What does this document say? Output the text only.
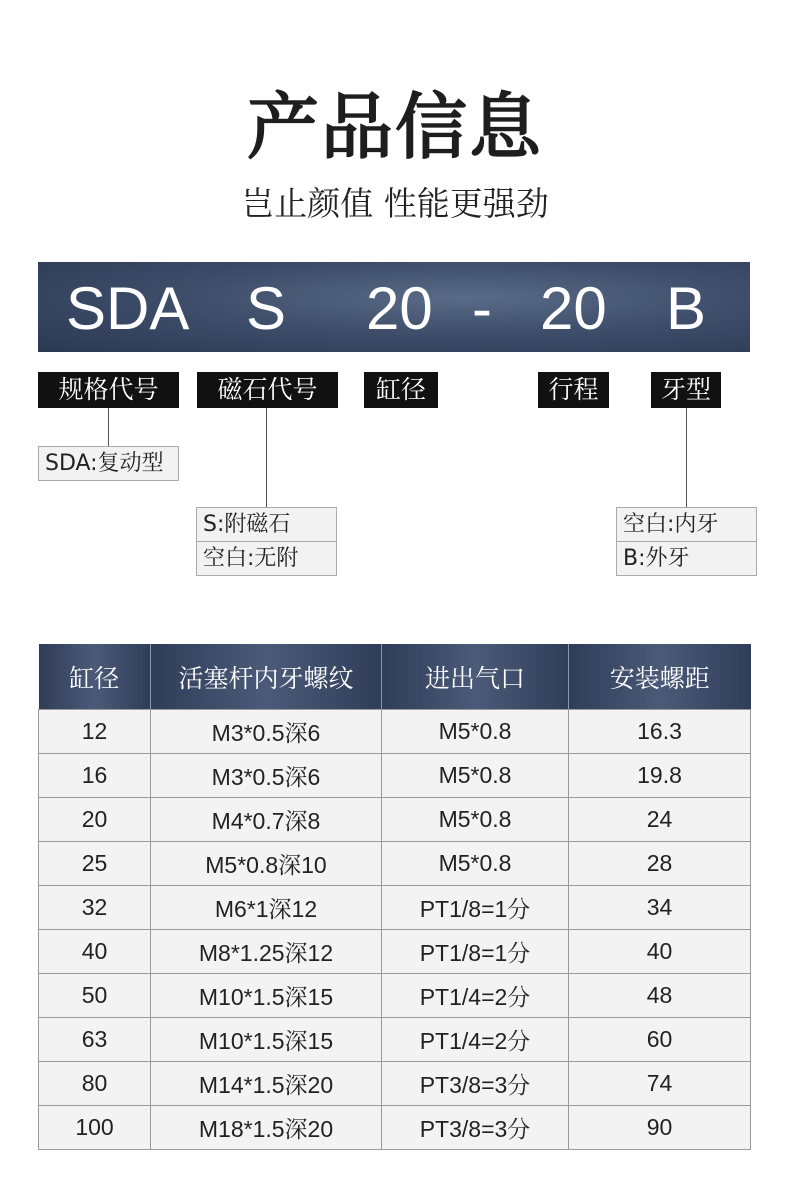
产品信息
岂止颜值 性能更强劲
SDA S 20 - 20 B
规格代号	磁石代号	缸径	行程	牙型
SDA:复动型
S:附磁石
空白:无附
空白:内牙
B:外牙
缸径	活塞杆内牙螺纹	进出气口	安装螺距
12	M3*0.5深6	M5*0.8	16.3
16	M3*0.5深6	M5*0.8	19.8
20	M4*0.7深8	M5*0.8	24
25	M5*0.8深10	M5*0.8	28
32	M6*1深12	PT1/8=1分	34
40	M8*1.25深12	PT1/8=1分	40
50	M10*1.5深15	PT1/4=2分	48
63	M10*1.5深15	PT1/4=2分	60
80	M14*1.5深20	PT3/8=3分	74
100	M18*1.5深20	PT3/8=3分	90
